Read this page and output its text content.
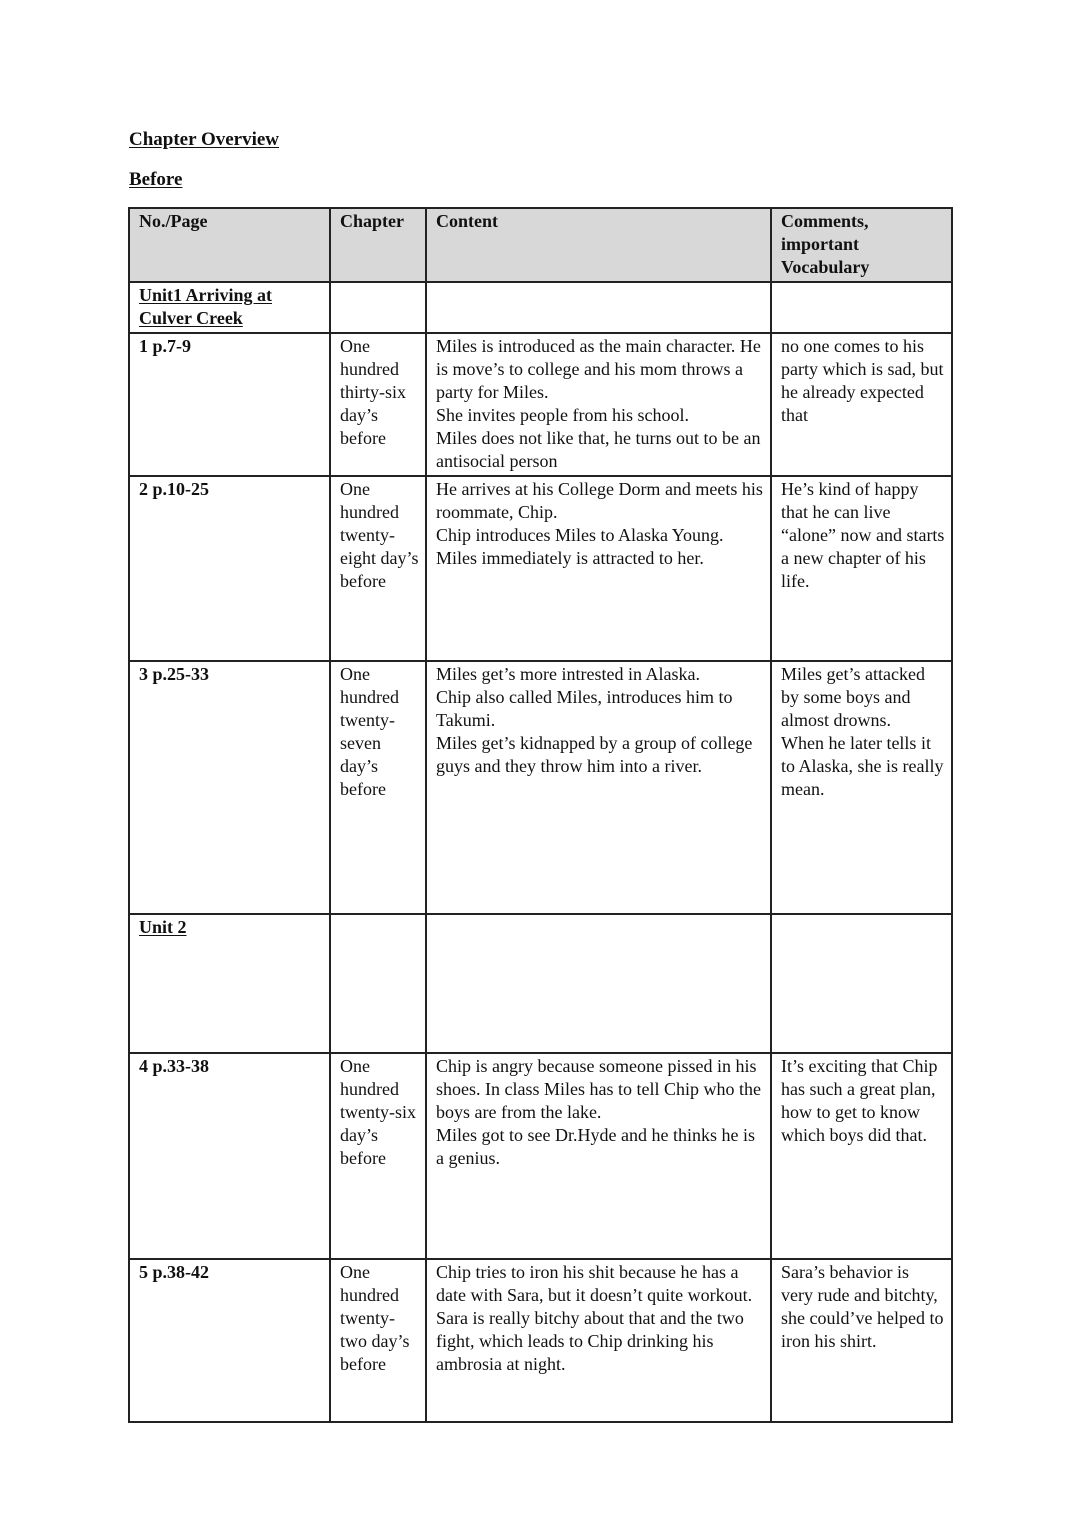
Chapter Overview
Before
No./Page	Chapter	Content	Comments, important Vocabulary
Unit1 Arriving at Culver Creek			
1 p.7-9	One hundred thirty-six day’s before	Miles is introduced as the main character. He is move’s to college and his mom throws a party for Miles.
She invites people from his school.
Miles does not like that, he turns out to be an antisocial person	no one comes to his party which is sad, but he already expected that
2 p.10-25	One hundred twenty-eight day’s before	He arrives at his College Dorm and meets his roommate, Chip.
Chip introduces Miles to Alaska Young.
Miles immediately is attracted to her.	He’s kind of happy that he can live “alone” now and starts a new chapter of his life.
3 p.25-33	One hundred twenty-seven day’s before	Miles get’s more intrested in Alaska.
Chip also called Miles, introduces him to Takumi.
Miles get’s kidnapped by a group of college guys and they throw him into a river.	Miles get’s attacked by some boys and almost drowns.
When he later tells it to Alaska, she is really mean.
Unit 2			
4 p.33-38	One hundred twenty-six day’s before	Chip is angry because someone pissed in his shoes. In class Miles has to tell Chip who the boys are from the lake.
Miles got to see Dr.Hyde and he thinks he is a genius.	It’s exciting that Chip has such a great plan, how to get to know which boys did that.
5 p.38-42	One hundred twenty-two day’s before	Chip tries to iron his shit because he has a date with Sara, but it doesn’t quite workout. Sara is really bitchy about that and the two fight, which leads to Chip drinking his ambrosia at night.	Sara’s behavior is very rude and bitchty, she could’ve helped to iron his shirt.
